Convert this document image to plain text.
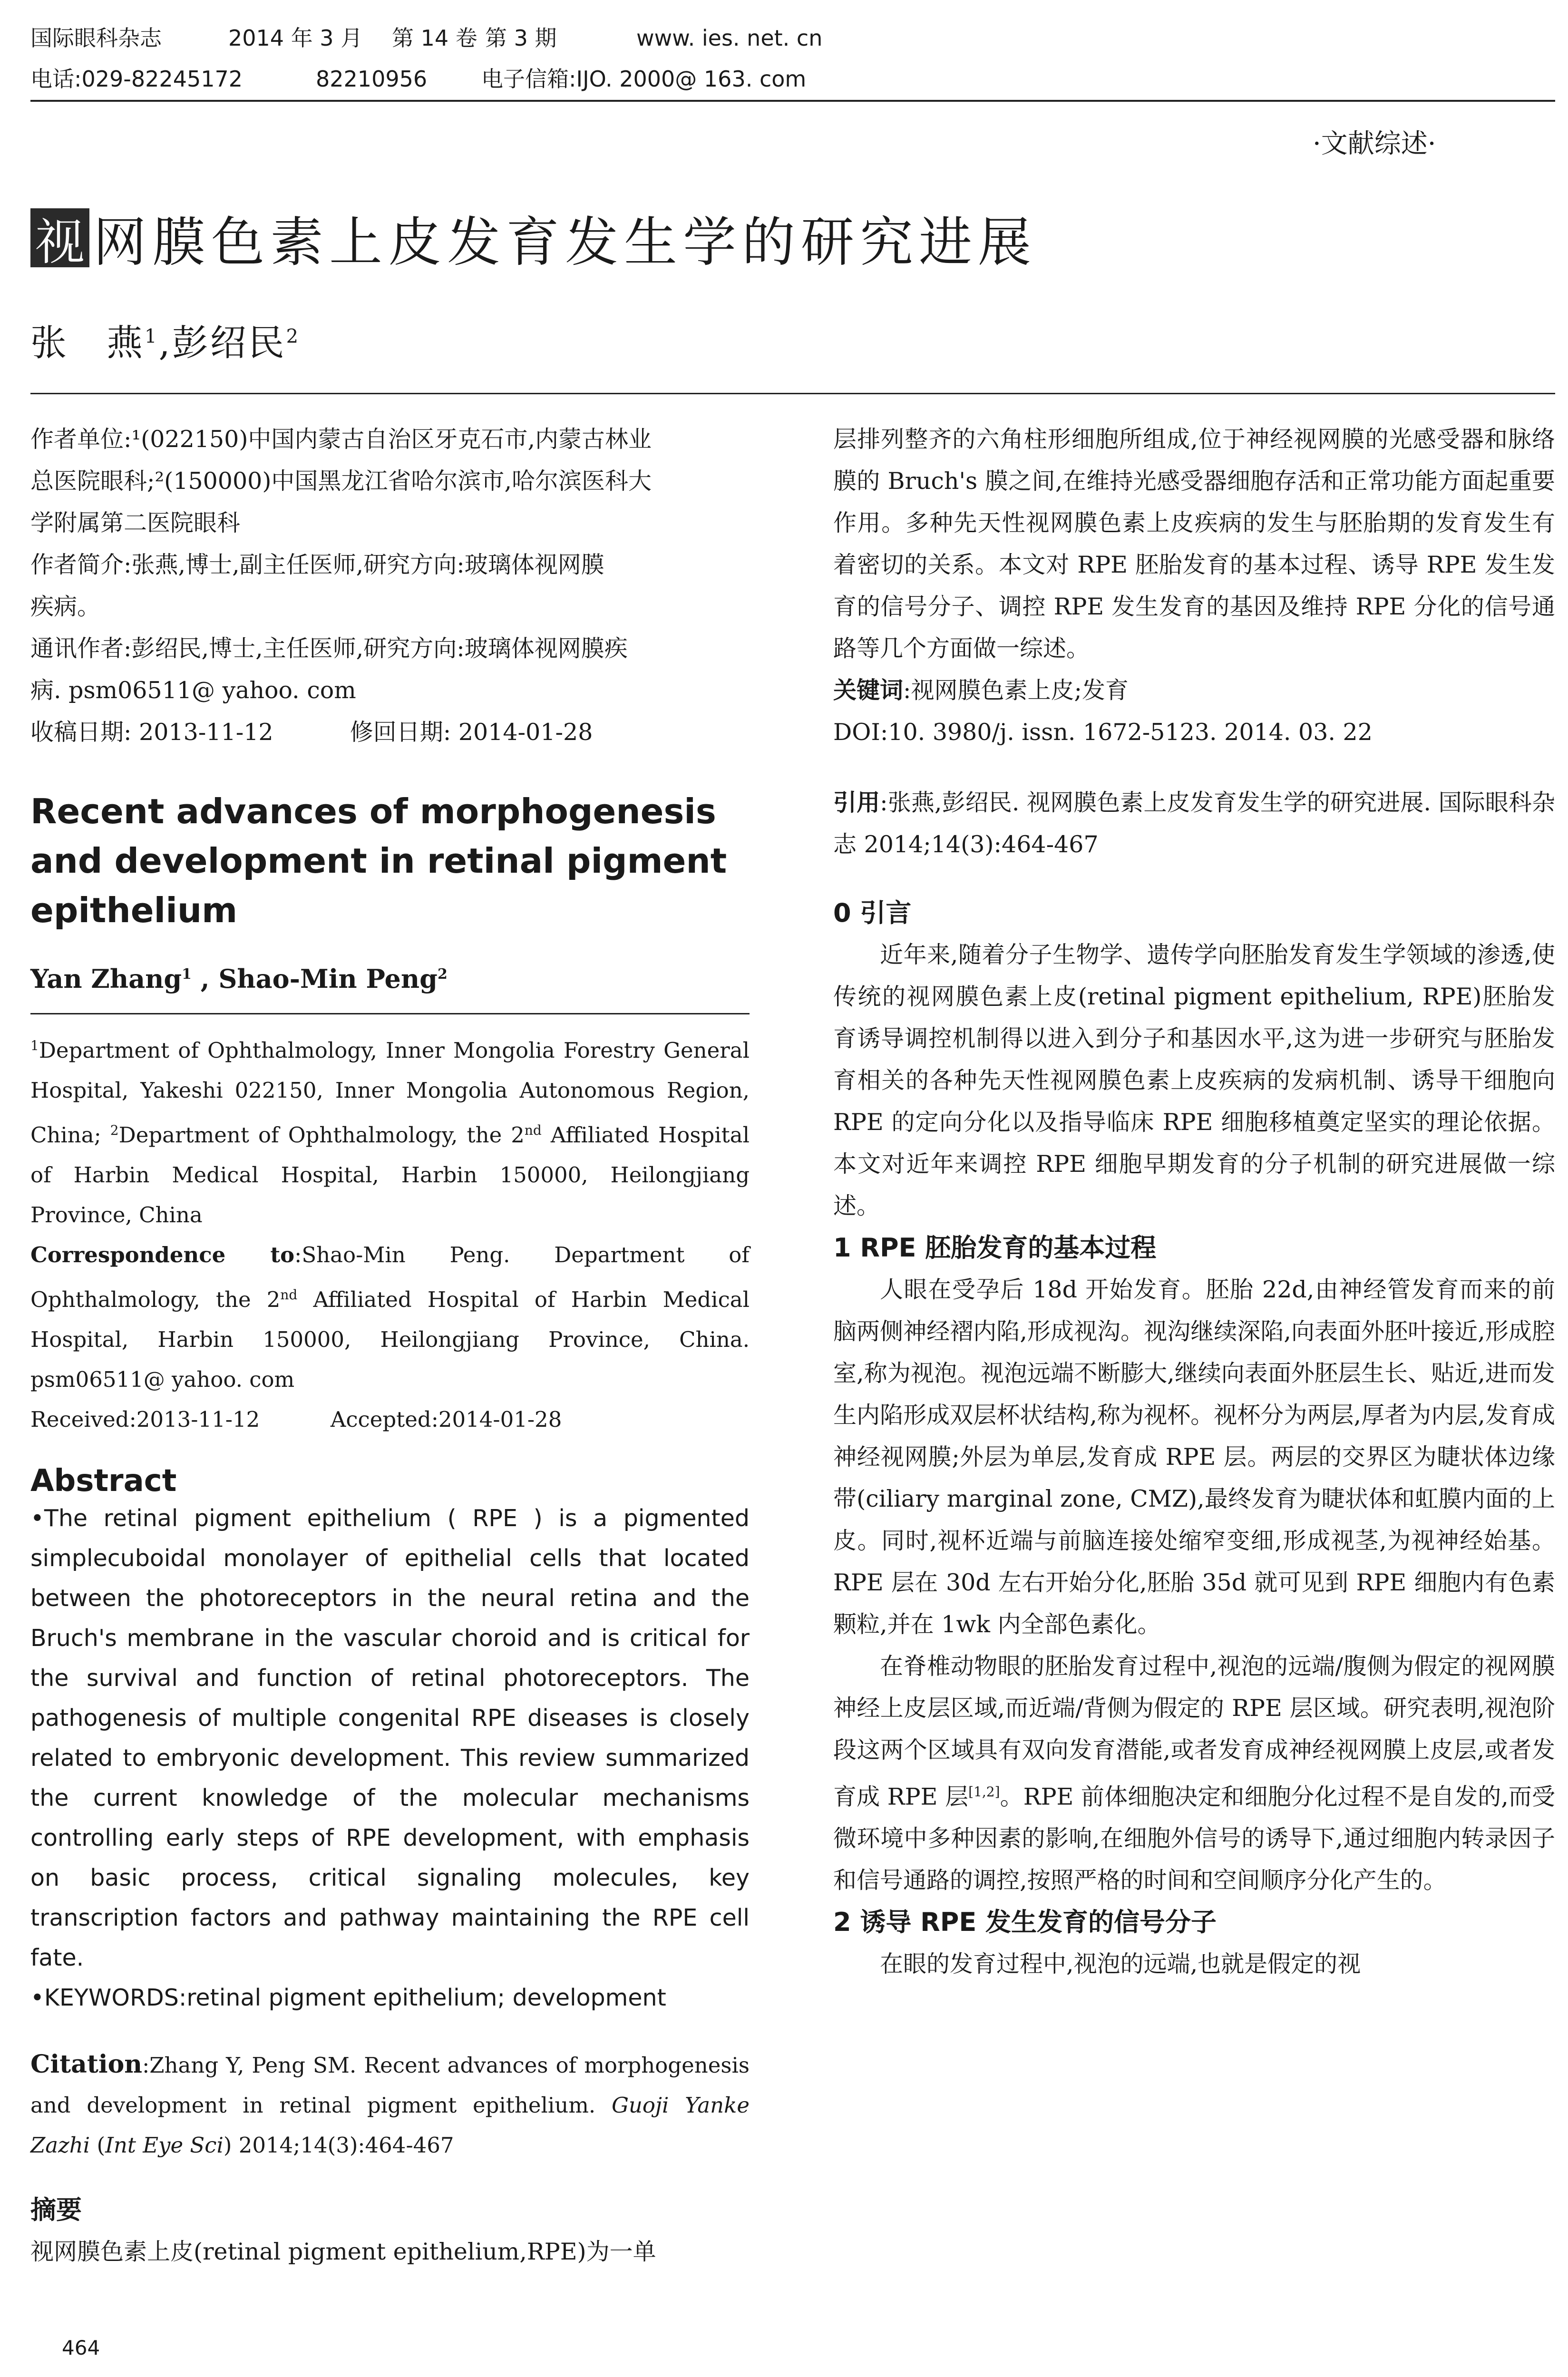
国际眼科杂志	2014 年 3 月 第 14 卷 第 3 期	www. ies. net. cn
电话:029-82245172	82210956 电子信箱:IJO. 2000@ 163. com
·文献综述·
视 网膜色素上皮发育发生学的研究进展
张　燕$^1$,彭绍民$^2$

作者单位:¹(022150)中国内蒙古自治区牙克石市,内蒙古林业

总医院眼科;²(150000)中国黑龙江省哈尔滨市,哈尔滨医科大

学附属第二医院眼科

作者简介:张燕,博士,副主任医师,研究方向:玻璃体视网膜

疾病。

通讯作者:彭绍民,博士,主任医师,研究方向:玻璃体视网膜疾

病. psm06511@ yahoo. com

收稿日期: 2013-11-12	修回日期: 2014-01-28

Recent advances of morphogenesis and development in retinal pigment epithelium

Yan Zhang$^1$ , Shao-Min Peng$^2$

$^1$Department of Ophthalmology, Inner Mongolia Forestry General Hospital, Yakeshi 022150, Inner Mongolia Autonomous Region, China; $^2$Department of Ophthalmology, the 2nd Affiliated Hospital of Harbin Medical Hospital, Harbin 150000, Heilongjiang Province, China

Correspondence to:Shao-Min Peng. Department of Ophthalmology, the 2nd Affiliated Hospital of Harbin Medical Hospital, Harbin 150000, Heilongjiang Province, China. psm06511@ yahoo. com

Received:2013-11-12	Accepted:2014-01-28

Abstract

•The retinal pigment epithelium ( RPE ) is a pigmented simplecuboidal monolayer of epithelial cells that located between the photoreceptors in the neural retina and the Bruch's membrane in the vascular choroid and is critical for the survival and function of retinal photoreceptors. The pathogenesis of multiple congenital RPE diseases is closely related to embryonic development. This review summarized the current knowledge of the molecular mechanisms controlling early steps of RPE development, with emphasis on basic process, critical signaling molecules, key transcription factors and pathway maintaining the RPE cell fate.

•KEYWORDS:retinal pigment epithelium; development

Citation:Zhang Y, Peng SM. Recent advances of morphogenesis and development in retinal pigment epithelium. Guoji Yanke Zazhi (Int Eye Sci) 2014;14(3):464-467

摘要

视网膜色素上皮(retinal pigment epithelium,RPE)为一单

层排列整齐的六角柱形细胞所组成,位于神经视网膜的光感受器和脉络膜的 Bruch's 膜之间,在维持光感受器细胞存活和正常功能方面起重要作用。多种先天性视网膜色素上皮疾病的发生与胚胎期的发育发生有着密切的关系。本文对 RPE 胚胎发育的基本过程、诱导 RPE 发生发育的信号分子、调控 RPE 发生发育的基因及维持 RPE 分化的信号通路等几个方面做一综述。

关键词:视网膜色素上皮;发育

DOI:10. 3980/j. issn. 1672-5123. 2014. 03. 22

引用:张燕,彭绍民. 视网膜色素上皮发育发生学的研究进展. 国际眼科杂志 2014;14(3):464-467

0 引言

近年来,随着分子生物学、遗传学向胚胎发育发生学领域的渗透,使传统的视网膜色素上皮(retinal pigment epithelium, RPE)胚胎发育诱导调控机制得以进入到分子和基因水平,这为进一步研究与胚胎发育相关的各种先天性视网膜色素上皮疾病的发病机制、诱导干细胞向 RPE 的定向分化以及指导临床 RPE 细胞移植奠定坚实的理论依据。本文对近年来调控 RPE 细胞早期发育的分子机制的研究进展做一综述。

1 RPE 胚胎发育的基本过程

人眼在受孕后 18d 开始发育。胚胎 22d,由神经管发育而来的前脑两侧神经褶内陷,形成视沟。视沟继续深陷,向表面外胚叶接近,形成腔室,称为视泡。视泡远端不断膨大,继续向表面外胚层生长、贴近,进而发生内陷形成双层杯状结构,称为视杯。视杯分为两层,厚者为内层,发育成神经视网膜;外层为单层,发育成 RPE 层。两层的交界区为睫状体边缘带(ciliary marginal zone, CMZ),最终发育为睫状体和虹膜内面的上皮。同时,视杯近端与前脑连接处缩窄变细,形成视茎,为视神经始基。RPE 层在 30d 左右开始分化,胚胎 35d 就可见到 RPE 细胞内有色素颗粒,并在 1wk 内全部色素化。

在脊椎动物眼的胚胎发育过程中,视泡的远端/腹侧为假定的视网膜神经上皮层区域,而近端/背侧为假定的 RPE 层区域。研究表明,视泡阶段这两个区域具有双向发育潜能,或者发育成神经视网膜上皮层,或者发育成 RPE 层[1,2]。RPE 前体细胞决定和细胞分化过程不是自发的,而受微环境中多种因素的影响,在细胞外信号的诱导下,通过细胞内转录因子和信号通路的调控,按照严格的时间和空间顺序分化产生的。

2 诱导 RPE 发生发育的信号分子

在眼的发育过程中,视泡的远端,也就是假定的视

464
